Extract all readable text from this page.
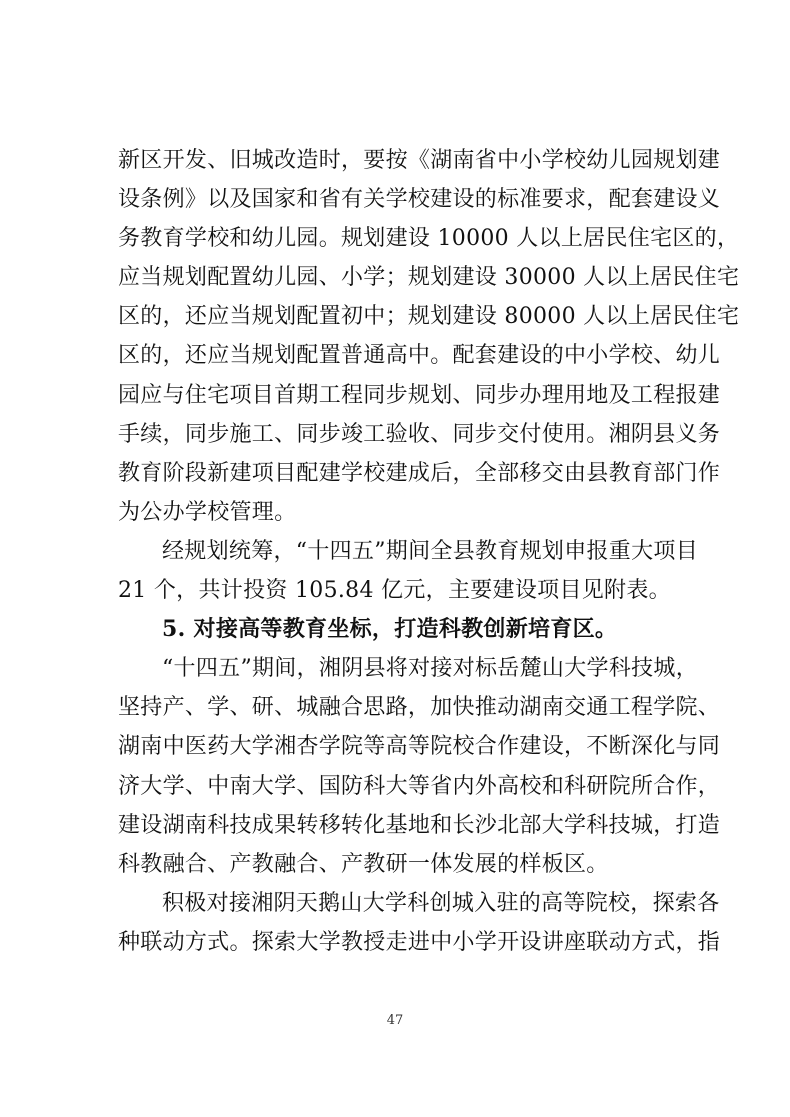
新区开发、旧城改造时，要按《湖南省中小学校幼儿园规划建
设条例》以及国家和省有关学校建设的标准要求，配套建设义
务教育学校和幼儿园。规划建设 10000 人以上居民住宅区的，
应当规划配置幼儿园、小学；规划建设 30000 人以上居民住宅
区的，还应当规划配置初中；规划建设 80000 人以上居民住宅
区的，还应当规划配置普通高中。配套建设的中小学校、幼儿
园应与住宅项目首期工程同步规划、同步办理用地及工程报建
手续，同步施工、同步竣工验收、同步交付使用。湘阴县义务
教育阶段新建项目配建学校建成后，全部移交由县教育部门作
为公办学校管理。
经规划统筹，“十四五”期间全县教育规划申报重大项目
21 个，共计投资 105.84 亿元，主要建设项目见附表。
5. 对接高等教育坐标，打造科教创新培育区。
“十四五”期间，湘阴县将对接对标岳麓山大学科技城，
坚持产、学、研、城融合思路，加快推动湖南交通工程学院、
湖南中医药大学湘杏学院等高等院校合作建设，不断深化与同
济大学、中南大学、国防科大等省内外高校和科研院所合作，
建设湖南科技成果转移转化基地和长沙北部大学科技城，打造
科教融合、产教融合、产教研一体发展的样板区。
积极对接湘阴天鹅山大学科创城入驻的高等院校，探索各
种联动方式。探索大学教授走进中小学开设讲座联动方式，指
47
